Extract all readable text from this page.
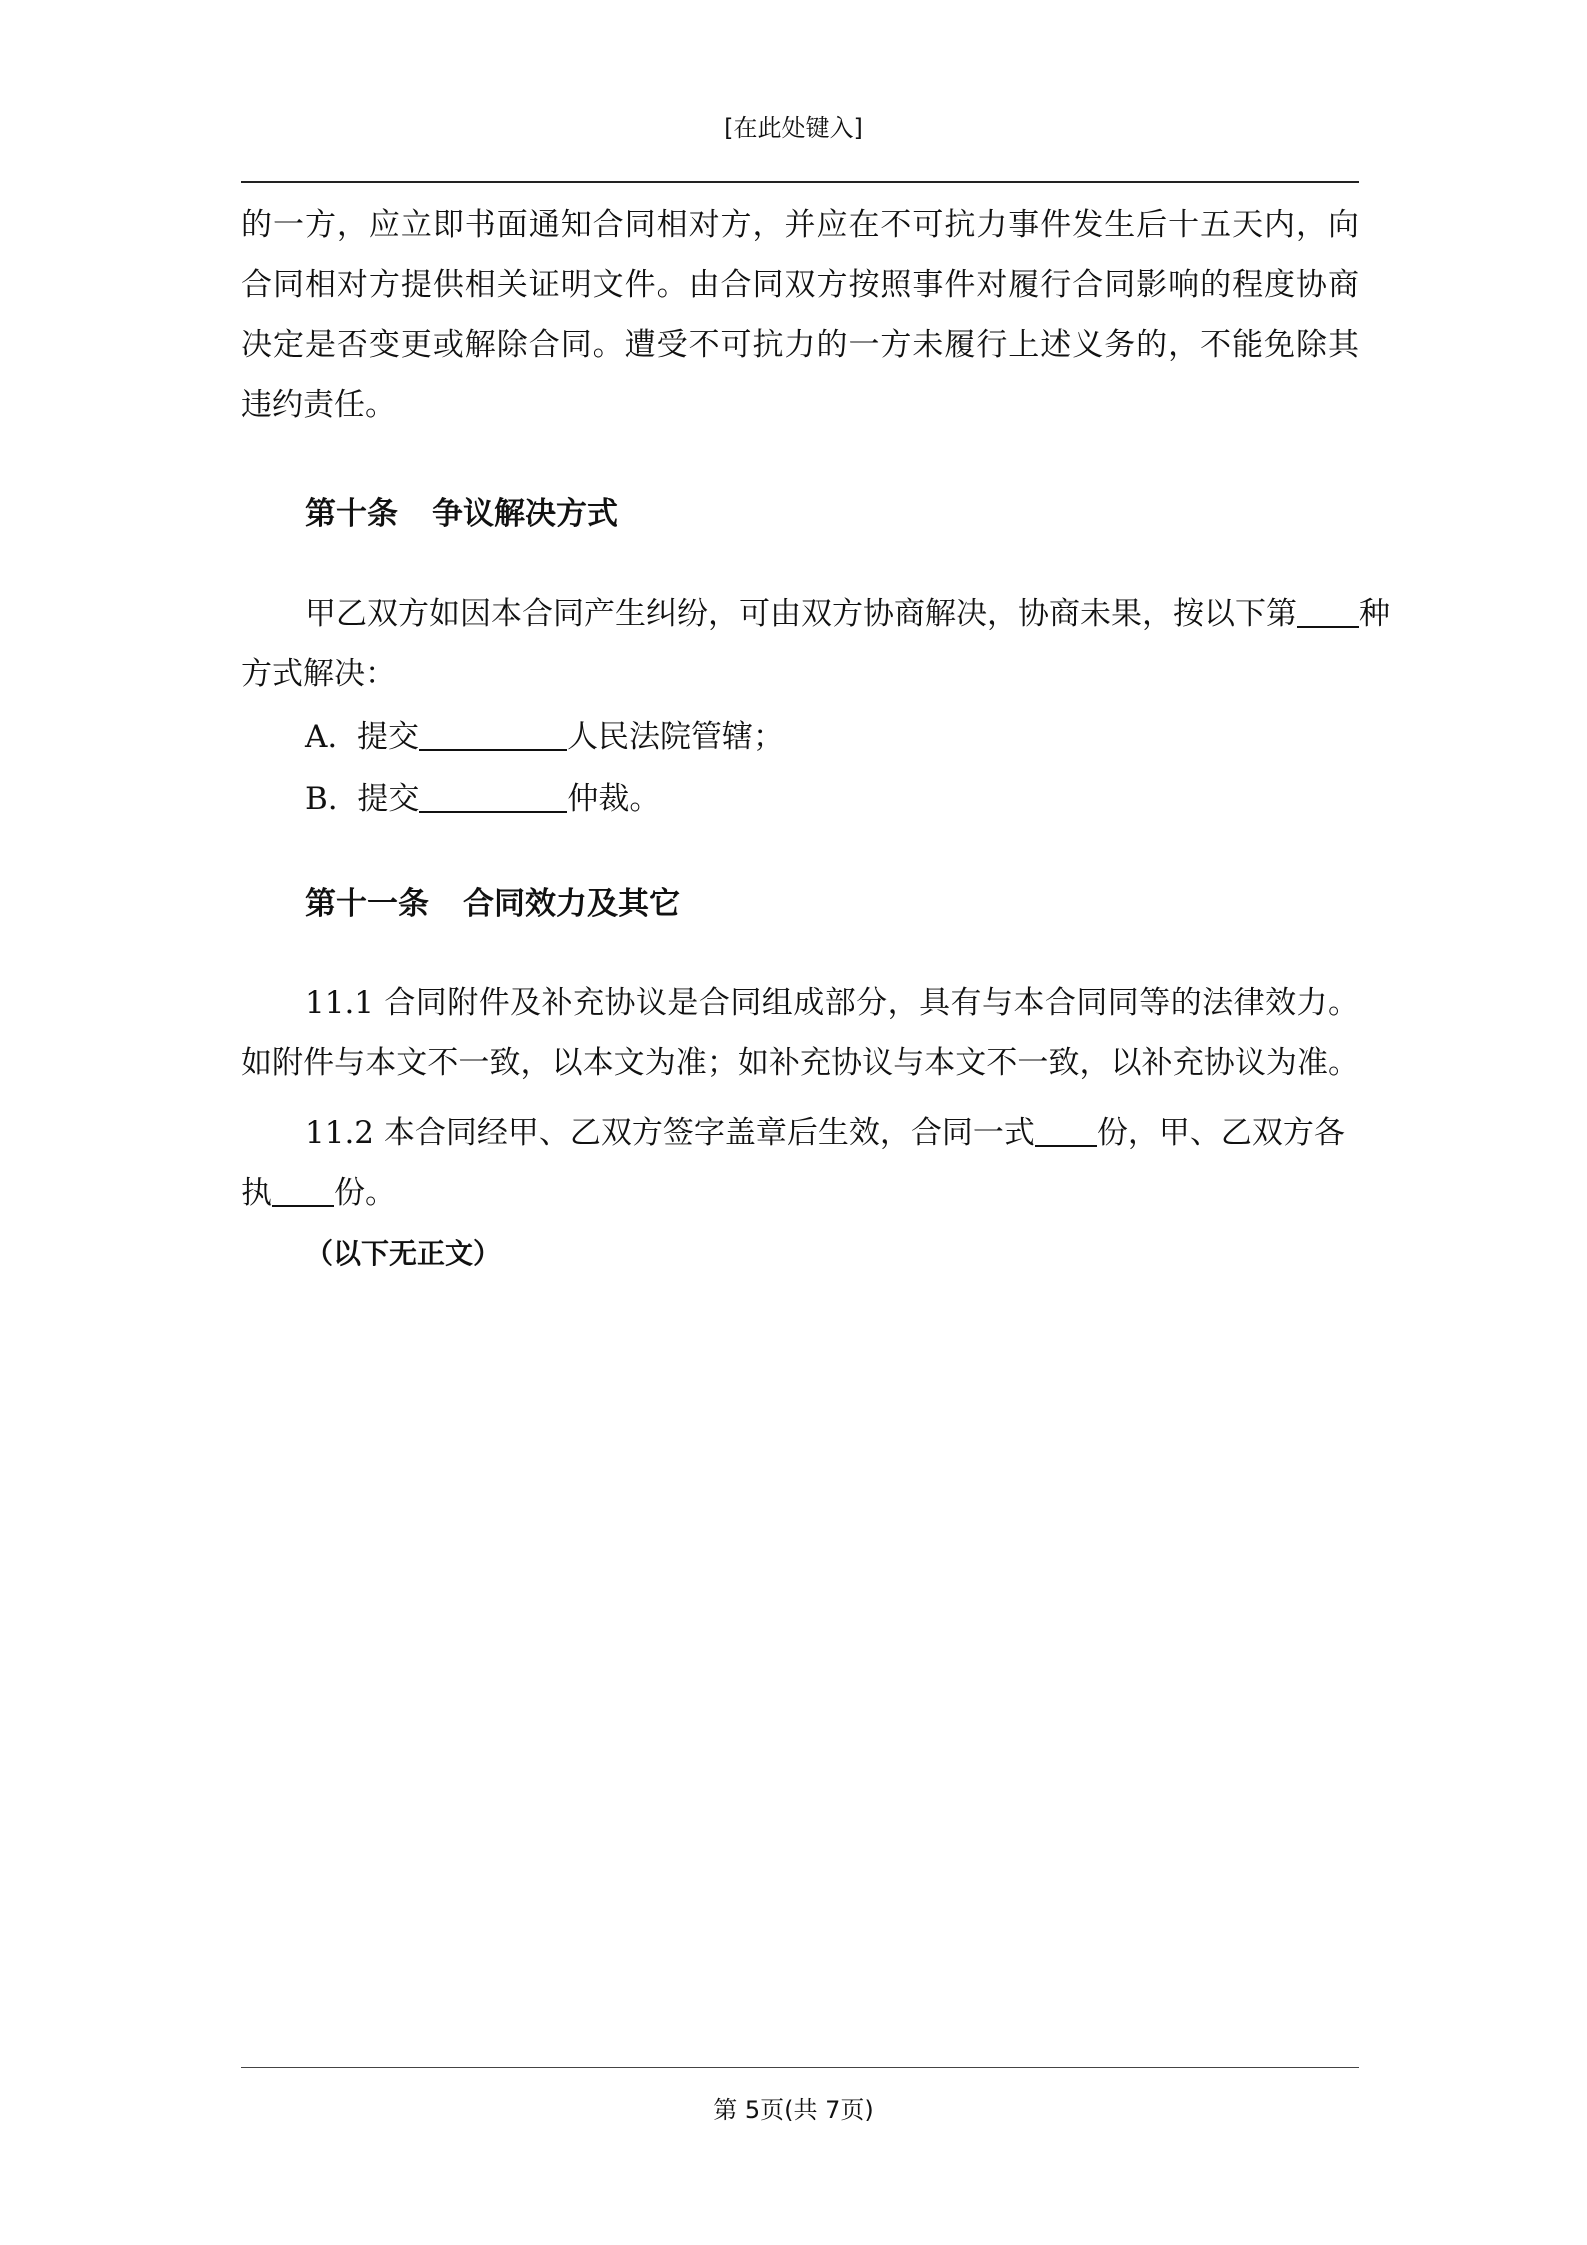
[在此处键入]
的一方，应立即书面通知合同相对方，并应在不可抗力事件发生后十五天内，向
合同相对方提供相关证明文件。由合同双方按照事件对履行合同影响的程度协商
决定是否变更或解除合同。遭受不可抗力的一方未履行上述义务的，不能免除其
违约责任。
第十条 争议解决方式
甲乙双方如因本合同产生纠纷，可由双方协商解决，协商未果，按以下第 种
方式解决：
A. 提交	人民法院管辖；
B. 提交	仲裁。
第十一条 合同效力及其它
11.1 合同附件及补充协议是合同组成部分，具有与本合同同等的法律效力。
如附件与本文不一致，以本文为准；如补充协议与本文不一致，以补充协议为准。
11.2 本合同经甲、乙双方签字盖章后生效，合同一式 份，甲、乙双方各
执 份。
（以下无正文）
第 5页(共 7页)
